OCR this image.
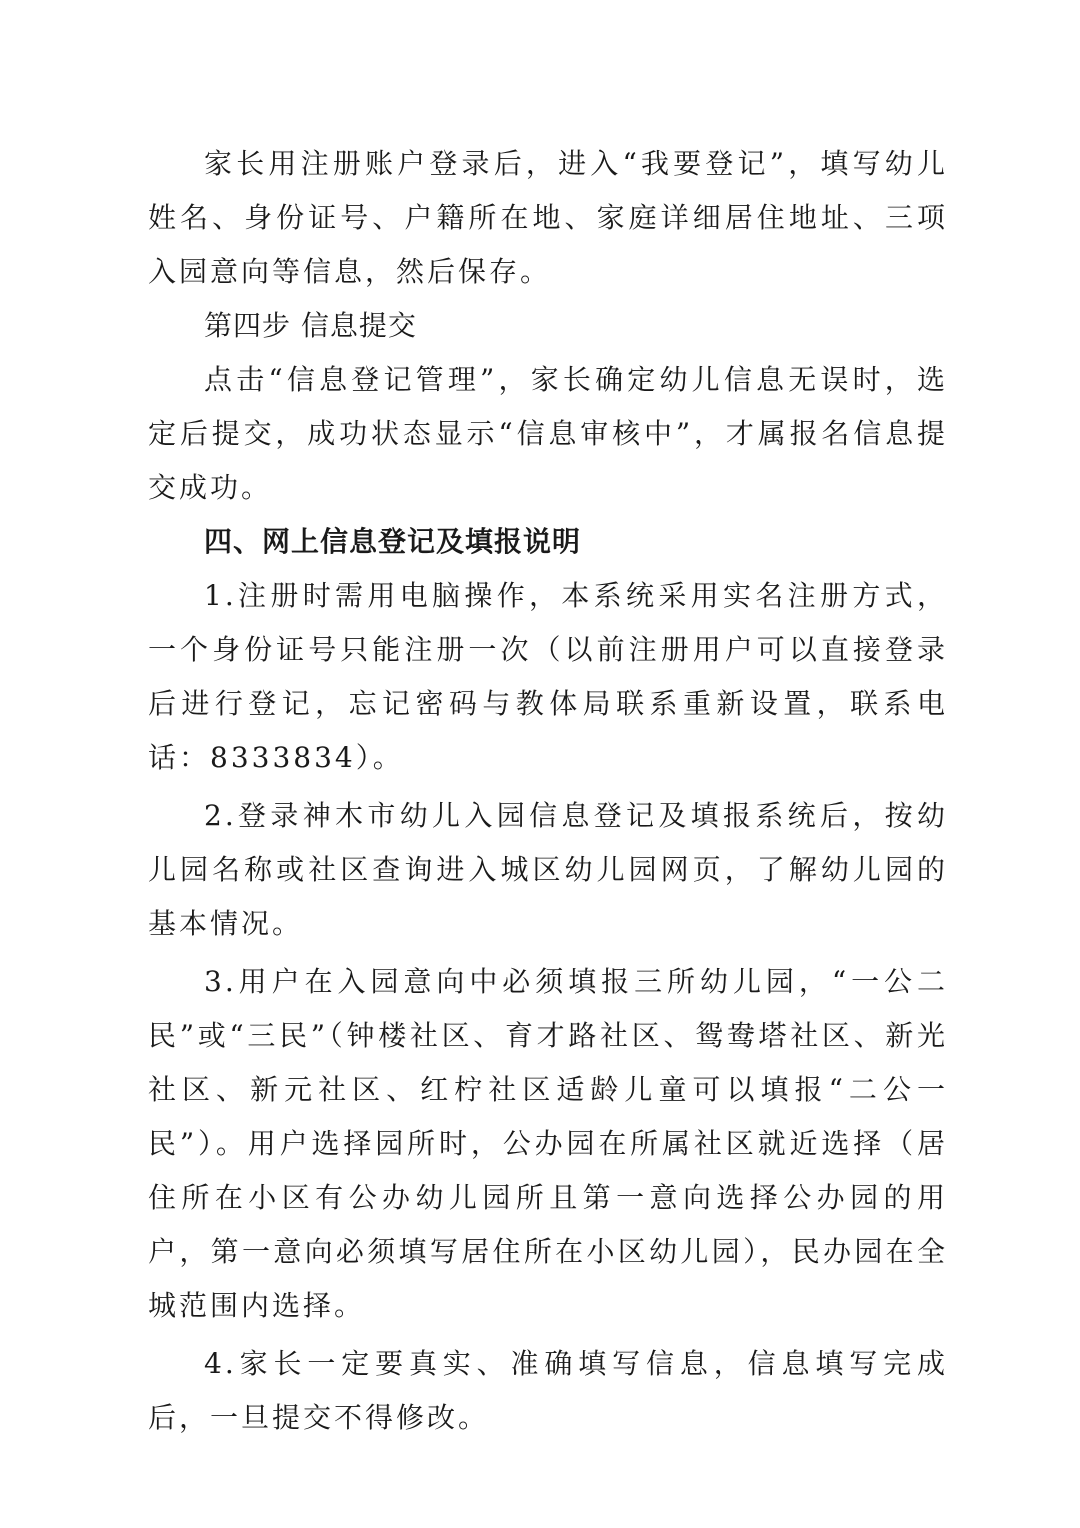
家长用注册账户登录后，进入“我要登记”，填写幼儿姓名、身份证号、户籍所在地、家庭详细居住地址、三项入园意向等信息，然后保存。

第四步 信息提交

点击“信息登记管理”，家长确定幼儿信息无误时，选定后提交，成功状态显示“信息审核中”，才属报名信息提交成功。

四、网上信息登记及填报说明

1.注册时需用电脑操作，本系统采用实名注册方式，一个身份证号只能注册一次（以前注册用户可以直接登录后进行登记，忘记密码与教体局联系重新设置，联系电话：8333834）。

2.登录神木市幼儿入园信息登记及填报系统后，按幼儿园名称或社区查询进入城区幼儿园网页，了解幼儿园的基本情况。

3.用户在入园意向中必须填报三所幼儿园，“一公二民”或“三民”（钟楼社区、育才路社区、鸳鸯塔社区、新光社区、新元社区、红柠社区适龄儿童可以填报“二公一民”）。用户选择园所时，公办园在所属社区就近选择（居住所在小区有公办幼儿园所且第一意向选择公办园的用户，第一意向必须填写居住所在小区幼儿园），民办园在全城范围内选择。

4.家长一定要真实、准确填写信息，信息填写完成后，一旦提交不得修改。
